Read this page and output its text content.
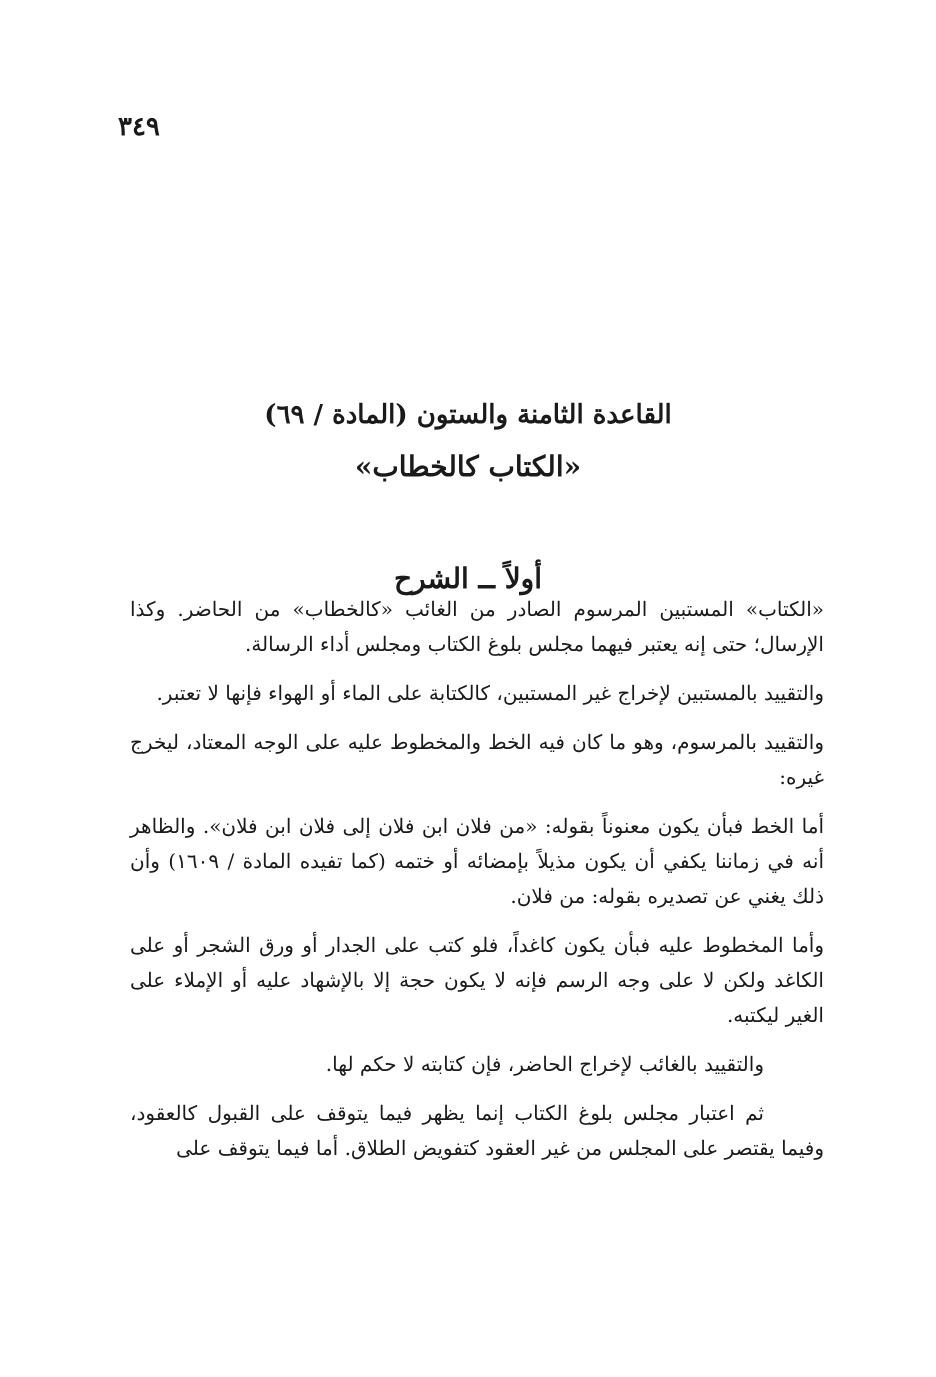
٣٤٩
القاعدة الثامنة والستون (المادة / ٦٩)
«الكتاب كالخطاب»
أولاً ــ الشرح

«الكتاب» المستبين المرسوم الصادر من الغائب «كالخطاب» من الحاضر. وكذا الإرسال؛ حتى إنه يعتبر فيهما مجلس بلوغ الكتاب ومجلس أداء الرسالة.

والتقييد بالمستبين لإخراج غير المستبين، كالكتابة على الماء أو الهواء فإنها لا تعتبر.

والتقييد بالمرسوم، وهو ما كان فيه الخط والمخطوط عليه على الوجه المعتاد، ليخرج غيره:

أما الخط فبأن يكون معنوناً بقوله: «من فلان ابن فلان إلى فلان ابن فلان». والظاهر أنه في زماننا يكفي أن يكون مذيلاً بإمضائه أو ختمه (كما تفيده المادة / ١٦٠٩) وأن ذلك يغني عن تصديره بقوله: من فلان.

وأما المخطوط عليه فبأن يكون كاغداً، فلو كتب على الجدار أو ورق الشجر أو على الكاغد ولكن لا على وجه الرسم فإنه لا يكون حجة إلا بالإشهاد عليه أو الإملاء على الغير ليكتبه.

والتقييد بالغائب لإخراج الحاضر، فإن كتابته لا حكم لها.

ثم اعتبار مجلس بلوغ الكتاب إنما يظهر فيما يتوقف على القبول كالعقود، وفيما يقتصر على المجلس من غير العقود كتفويض الطلاق. أما فيما يتوقف على
